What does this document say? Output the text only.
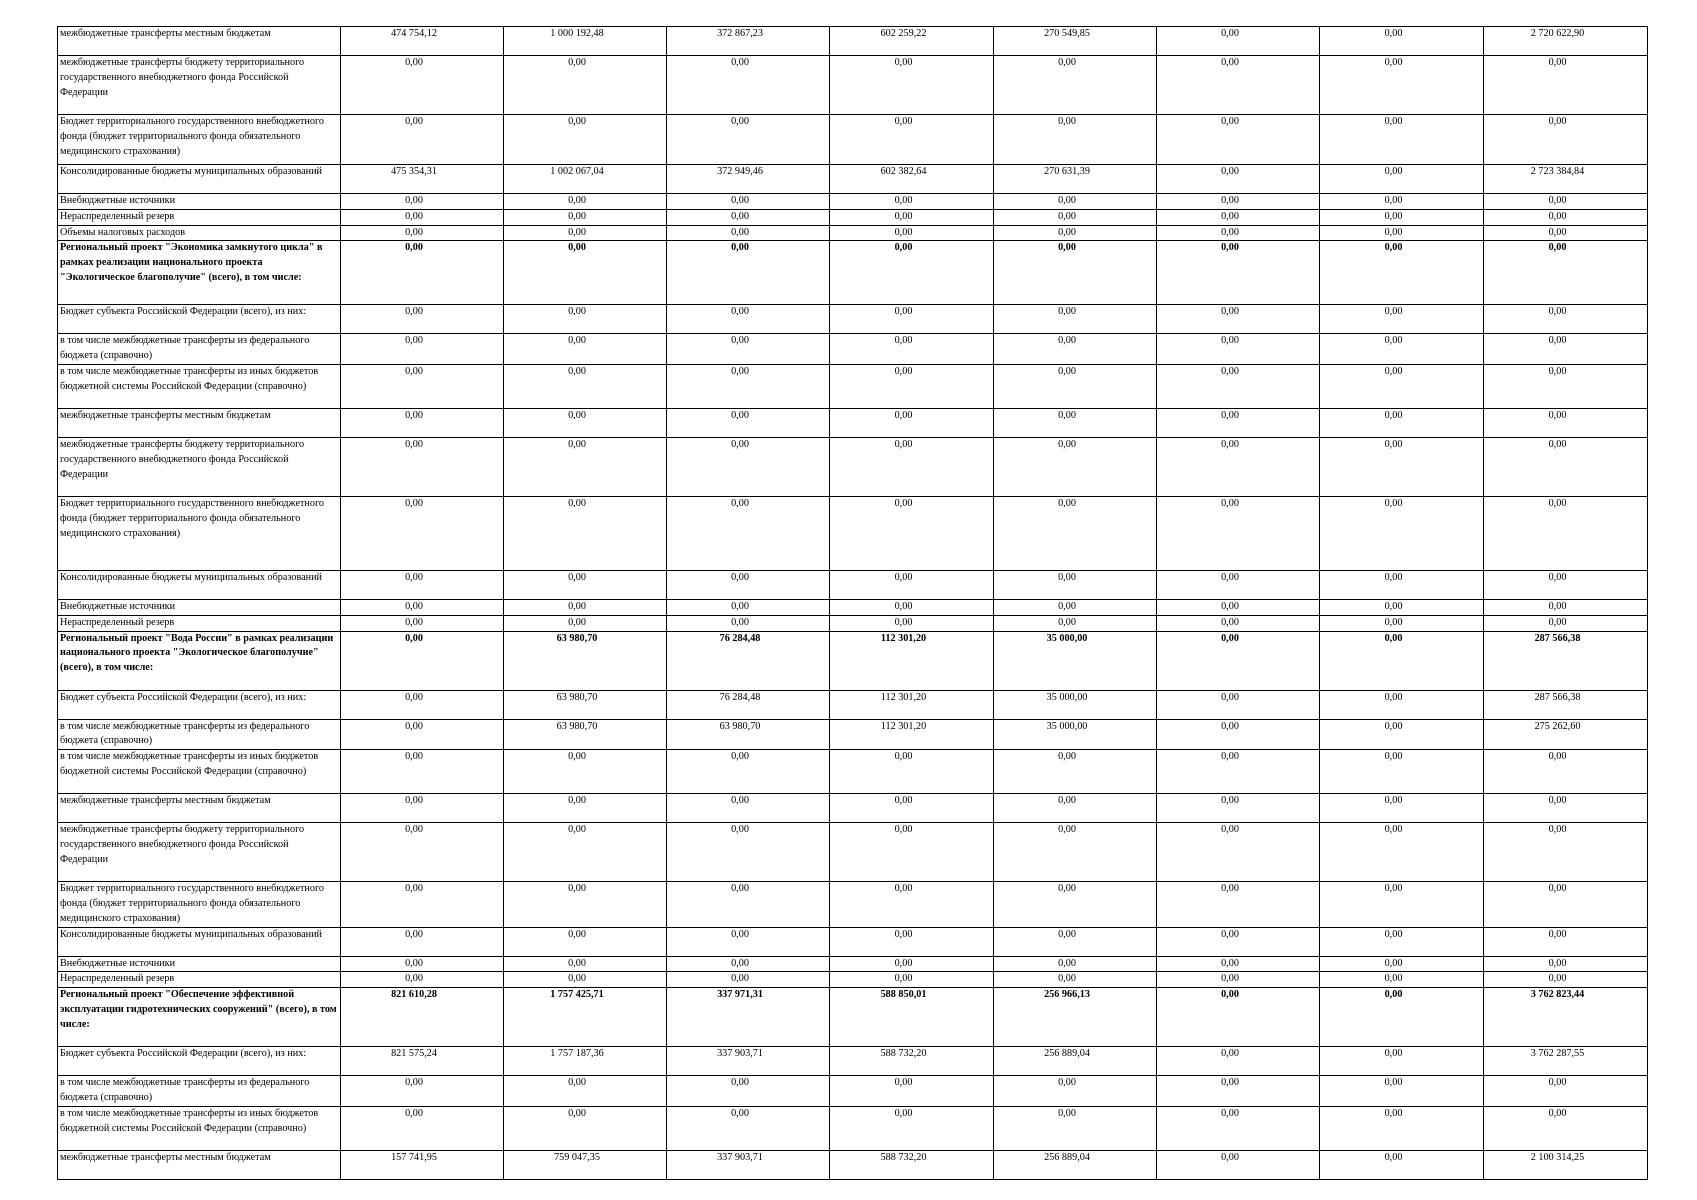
межбюджетные трансферты местным бюджетам	474 754,12	1 000 192,48	372 867,23	602 259,22	270 549,85	0,00	0,00	2 720 622,90
межбюджетные трансферты бюджету территориального государственного внебюджетного фонда Российской Федерации	0,00	0,00	0,00	0,00	0,00	0,00	0,00	0,00
Бюджет территориального государственного внебюджетного фонда (бюджет территориального фонда обязательного медицинского страхования)	0,00	0,00	0,00	0,00	0,00	0,00	0,00	0,00
Консолидированные бюджеты муниципальных образований	475 354,31	1 002 067,04	372 949,46	602 382,64	270 631,39	0,00	0,00	2 723 384,84
Внебюджетные источники	0,00	0,00	0,00	0,00	0,00	0,00	0,00	0,00
Нераспределенный резерв	0,00	0,00	0,00	0,00	0,00	0,00	0,00	0,00
Объемы налоговых расходов	0,00	0,00	0,00	0,00	0,00	0,00	0,00	0,00
Региональный проект "Экономика замкнутого цикла" в рамках реализации национального проекта "Экологическое благополучие" (всего), в том числе:	0,00	0,00	0,00	0,00	0,00	0,00	0,00	0,00
Бюджет субъекта Российской Федерации (всего), из них:	0,00	0,00	0,00	0,00	0,00	0,00	0,00	0,00
в том числе межбюджетные трансферты из федерального бюджета (справочно)	0,00	0,00	0,00	0,00	0,00	0,00	0,00	0,00
в том числе межбюджетные трансферты из иных бюджетов бюджетной системы Российской Федерации (справочно)	0,00	0,00	0,00	0,00	0,00	0,00	0,00	0,00
межбюджетные трансферты местным бюджетам	0,00	0,00	0,00	0,00	0,00	0,00	0,00	0,00
межбюджетные трансферты бюджету территориального государственного внебюджетного фонда Российской Федерации	0,00	0,00	0,00	0,00	0,00	0,00	0,00	0,00
Бюджет территориального государственного внебюджетного фонда (бюджет территориального фонда обязательного медицинского страхования)	0,00	0,00	0,00	0,00	0,00	0,00	0,00	0,00
Консолидированные бюджеты муниципальных образований	0,00	0,00	0,00	0,00	0,00	0,00	0,00	0,00
Внебюджетные источники	0,00	0,00	0,00	0,00	0,00	0,00	0,00	0,00
Нераспределенный резерв	0,00	0,00	0,00	0,00	0,00	0,00	0,00	0,00
Региональный проект "Вода России" в рамках реализации национального проекта "Экологическое благополучие" (всего), в том числе:	0,00	63 980,70	76 284,48	112 301,20	35 000,00	0,00	0,00	287 566,38
Бюджет субъекта Российской Федерации (всего), из них:	0,00	63 980,70	76 284,48	112 301,20	35 000,00	0,00	0,00	287 566,38
в том числе межбюджетные трансферты из федерального бюджета (справочно)	0,00	63 980,70	63 980,70	112 301,20	35 000,00	0,00	0,00	275 262,60
в том числе межбюджетные трансферты из иных бюджетов бюджетной системы Российской Федерации (справочно)	0,00	0,00	0,00	0,00	0,00	0,00	0,00	0,00
межбюджетные трансферты местным бюджетам	0,00	0,00	0,00	0,00	0,00	0,00	0,00	0,00
межбюджетные трансферты бюджету территориального государственного внебюджетного фонда Российской Федерации	0,00	0,00	0,00	0,00	0,00	0,00	0,00	0,00
Бюджет территориального государственного внебюджетного фонда (бюджет территориального фонда обязательного медицинского страхования)	0,00	0,00	0,00	0,00	0,00	0,00	0,00	0,00
Консолидированные бюджеты муниципальных образований	0,00	0,00	0,00	0,00	0,00	0,00	0,00	0,00
Внебюджетные источники	0,00	0,00	0,00	0,00	0,00	0,00	0,00	0,00
Нераспределенный резерв	0,00	0,00	0,00	0,00	0,00	0,00	0,00	0,00
Региональный проект "Обеспечение эффективной эксплуатации гидротехнических сооружений" (всего), в том числе:	821 610,28	1 757 425,71	337 971,31	588 850,01	256 966,13	0,00	0,00	3 762 823,44
Бюджет субъекта Российской Федерации (всего), из них:	821 575,24	1 757 187,36	337 903,71	588 732,20	256 889,04	0,00	0,00	3 762 287,55
в том числе межбюджетные трансферты из федерального бюджета (справочно)	0,00	0,00	0,00	0,00	0,00	0,00	0,00	0,00
в том числе межбюджетные трансферты из иных бюджетов бюджетной системы Российской Федерации (справочно)	0,00	0,00	0,00	0,00	0,00	0,00	0,00	0,00
межбюджетные трансферты местным бюджетам	157 741,95	759 047,35	337 903,71	588 732,20	256 889,04	0,00	0,00	2 100 314,25
